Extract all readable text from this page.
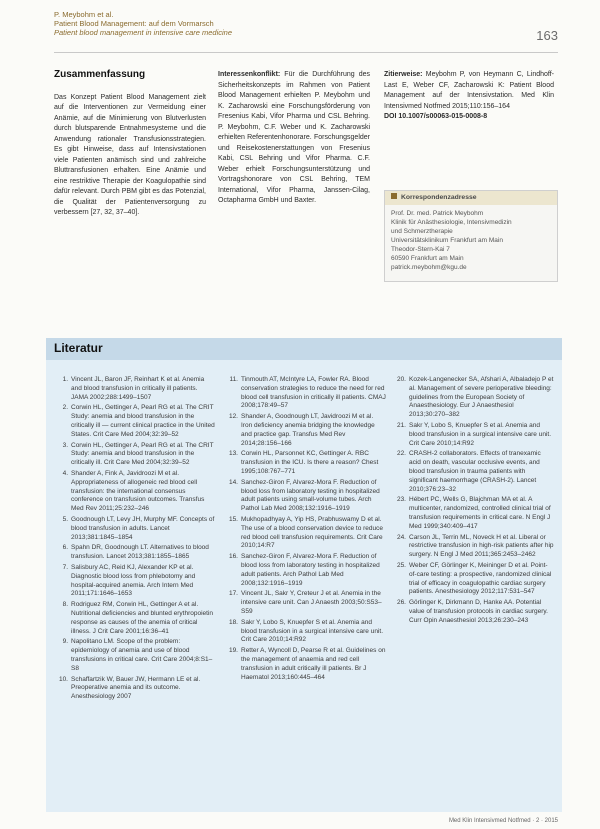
P. Meybohm et al.
Patient Blood Management: auf dem Vormarsch
Patient blood management in intensive care medicine	163
Zusammenfassung

Das Konzept Patient Blood Management zielt auf die Interventionen zur Vermeidung einer Anämie, auf die Minimierung von Blutverlusten durch blutsparende Entnahmesysteme und die Anwendung rationaler Transfusionsstrategien. Es gibt Hinweise, dass auf Intensivstationen viele Patienten anämisch sind und zahlreiche Bluttransfusionen erhalten. Eine Anämie und eine restriktive Therapie der Koagulopathie sind dafür relevant. Durch PBM gibt es das Potenzial, die Qualität der Patientenversorgung zu verbessern [27, 32, 37–40].

Interessenkonflikt: Für die Durchführung des Sicherheitskonzepts im Rahmen von Patient Blood Management erhielten P. Meybohm und K. Zacharowski eine Forschungsförderung von Fresenius Kabi, Vifor Pharma und CSL Behring. P. Meybohm, C.F. Weber und K. Zacharowski erhielten Referentenhonorare. Forschungsgelder und Reisekostenerstattungen von Fresenius Kabi, CSL Behring und Vifor Pharma. C.F. Weber erhielt Forschungsunterstützung und Vortragshonorare von CSL Behring, TEM International, Vifor Pharma, Janssen-Cilag, Octapharma GmbH und Baxter.

Zitierweise: Meybohm P, von Heymann C, Lindhoff-Last E, Weber CF, Zacharowski K: Patient Blood Management auf der Intensivstation. Med Klin Intensivmed Notfmed 2015;110:156–164

DOI 10.1007/s00063-015-0008-8

Korrespondenzadresse
Prof. Dr. med. Patrick Meybohm
Klinik für Anästhesiologie, Intensivmedizin
und Schmerztherapie
Universitätsklinikum Frankfurt am Main
Theodor-Stern-Kai 7
60590 Frankfurt am Main
patrick.meybohm@kgu.de
Literatur
1. Vincent JL, Baron JF, Reinhart K et al. Anemia and blood transfusion in critically ill patients. JAMA 2002;288:1499–1507
2. Corwin HL, Gettinger A, Pearl RG et al. The CRIT Study: anemia and blood transfusion in the critically ill — current clinical practice in the United States. Crit Care Med 2004;32:39–52
3. Corwin HL, Gettinger A, Pearl RG et al. The CRIT Study: anemia and blood transfusion in the critically ill. Crit Care Med 2004;32:39–52
4. Shander A, Fink A, Javidroozi M et al. Appropriateness of allogeneic red blood cell transfusion: the international consensus conference on transfusion outcomes. Transfus Med Rev 2011;25:232–246
5. Goodnough LT, Levy JH, Murphy MF. Concepts of blood transfusion in adults. Lancet 2013;381:1845–1854
6. Spahn DR, Goodnough LT. Alternatives to blood transfusion. Lancet 2013;381:1855–1865
7. Salisbury AC, Reid KJ, Alexander KP et al. Diagnostic blood loss from phlebotomy and hospital-acquired anemia. Arch Intern Med 2011;171:1646–1653
8. Rodriguez RM, Corwin HL, Gettinger A et al. Nutritional deficiencies and blunted erythropoietin response as causes of the anemia of critical illness. J Crit Care 2001;16:36–41
9. Napolitano LM. Scope of the problem: epidemiology of anemia and use of blood transfusions in critical care. Crit Care 2004;8:S1–S8
10. Schaffartzik W, Bauer JW, Hermann LE et al. Preoperative anemia and its outcome. Anesthesiology 2007
11. Tinmouth AT, McIntyre LA, Fowler RA. Blood conservation strategies to reduce the need for red blood cell transfusion in critically ill patients. CMAJ 2008;178:49–57
12. Shander A, Goodnough LT, Javidroozi M et al. Iron deficiency anemia bridging the knowledge and practice gap. Transfus Med Rev 2014;28:156–166
13. Corwin HL, Parsonnet KC, Gettinger A. RBC transfusion in the ICU. Is there a reason? Chest 1995;108:767–771
14. Sanchez-Giron F, Alvarez-Mora F. Reduction of blood loss from laboratory testing in hospitalized adult patients using small-volume tubes. Arch Pathol Lab Med 2008;132:1916–1919
15. Mukhopadhyay A, Yip HS, Prabhuswamy D et al. The use of a blood conservation device to reduce red blood cell transfusion requirements. Crit Care 2010;14:R7
16. Sanchez-Giron F, Alvarez-Mora F. Reduction of blood loss from laboratory testing in hospitalized adult patients. Arch Pathol Lab Med 2008;132:1916–1919
17. Vincent JL, Sakr Y, Creteur J et al. Anemia in the intensive care unit. Can J Anaesth 2003;50:S53–S59
18. Sakr Y, Lobo S, Knuepfer S et al. Anemia and blood transfusion in a surgical intensive care unit. Crit Care 2010;14:R92
19. Retter A, Wyncoll D, Pearse R et al. Guidelines on the management of anaemia and red cell transfusion in adult critically ill patients. Br J Haematol 2013;160:445–464
20. Kozek-Langenecker SA, Afshari A, Albaladejo P et al. Management of severe perioperative bleeding: guidelines from the European Society of Anaesthesiology. Eur J Anaesthesiol 2013;30:270–382
21. Sakr Y, Lobo S, Knuepfer S et al. Anemia and blood transfusion in a surgical intensive care unit. Crit Care 2010;14:R92
22. CRASH-2 collaborators. Effects of tranexamic acid on death, vascular occlusive events, and blood transfusion in trauma patients with significant haemorrhage (CRASH-2). Lancet 2010;376:23–32
23. Hébert PC, Wells G, Blajchman MA et al. A multicenter, randomized, controlled clinical trial of transfusion requirements in critical care. N Engl J Med 1999;340:409–417
24. Carson JL, Terrin ML, Noveck H et al. Liberal or restrictive transfusion in high-risk patients after hip surgery. N Engl J Med 2011;365:2453–2462
25. Weber CF, Görlinger K, Meininger D et al. Point-of-care testing: a prospective, randomized clinical trial of efficacy in coagulopathic cardiac surgery patients. Anesthesiology 2012;117:531–547
26. Görlinger K, Dirkmann D, Hanke AA. Potential value of transfusion protocols in cardiac surgery. Curr Opin Anaesthesiol 2013;26:230–243
Med Klin Intensivmed Notfmed · 2 · 2015
